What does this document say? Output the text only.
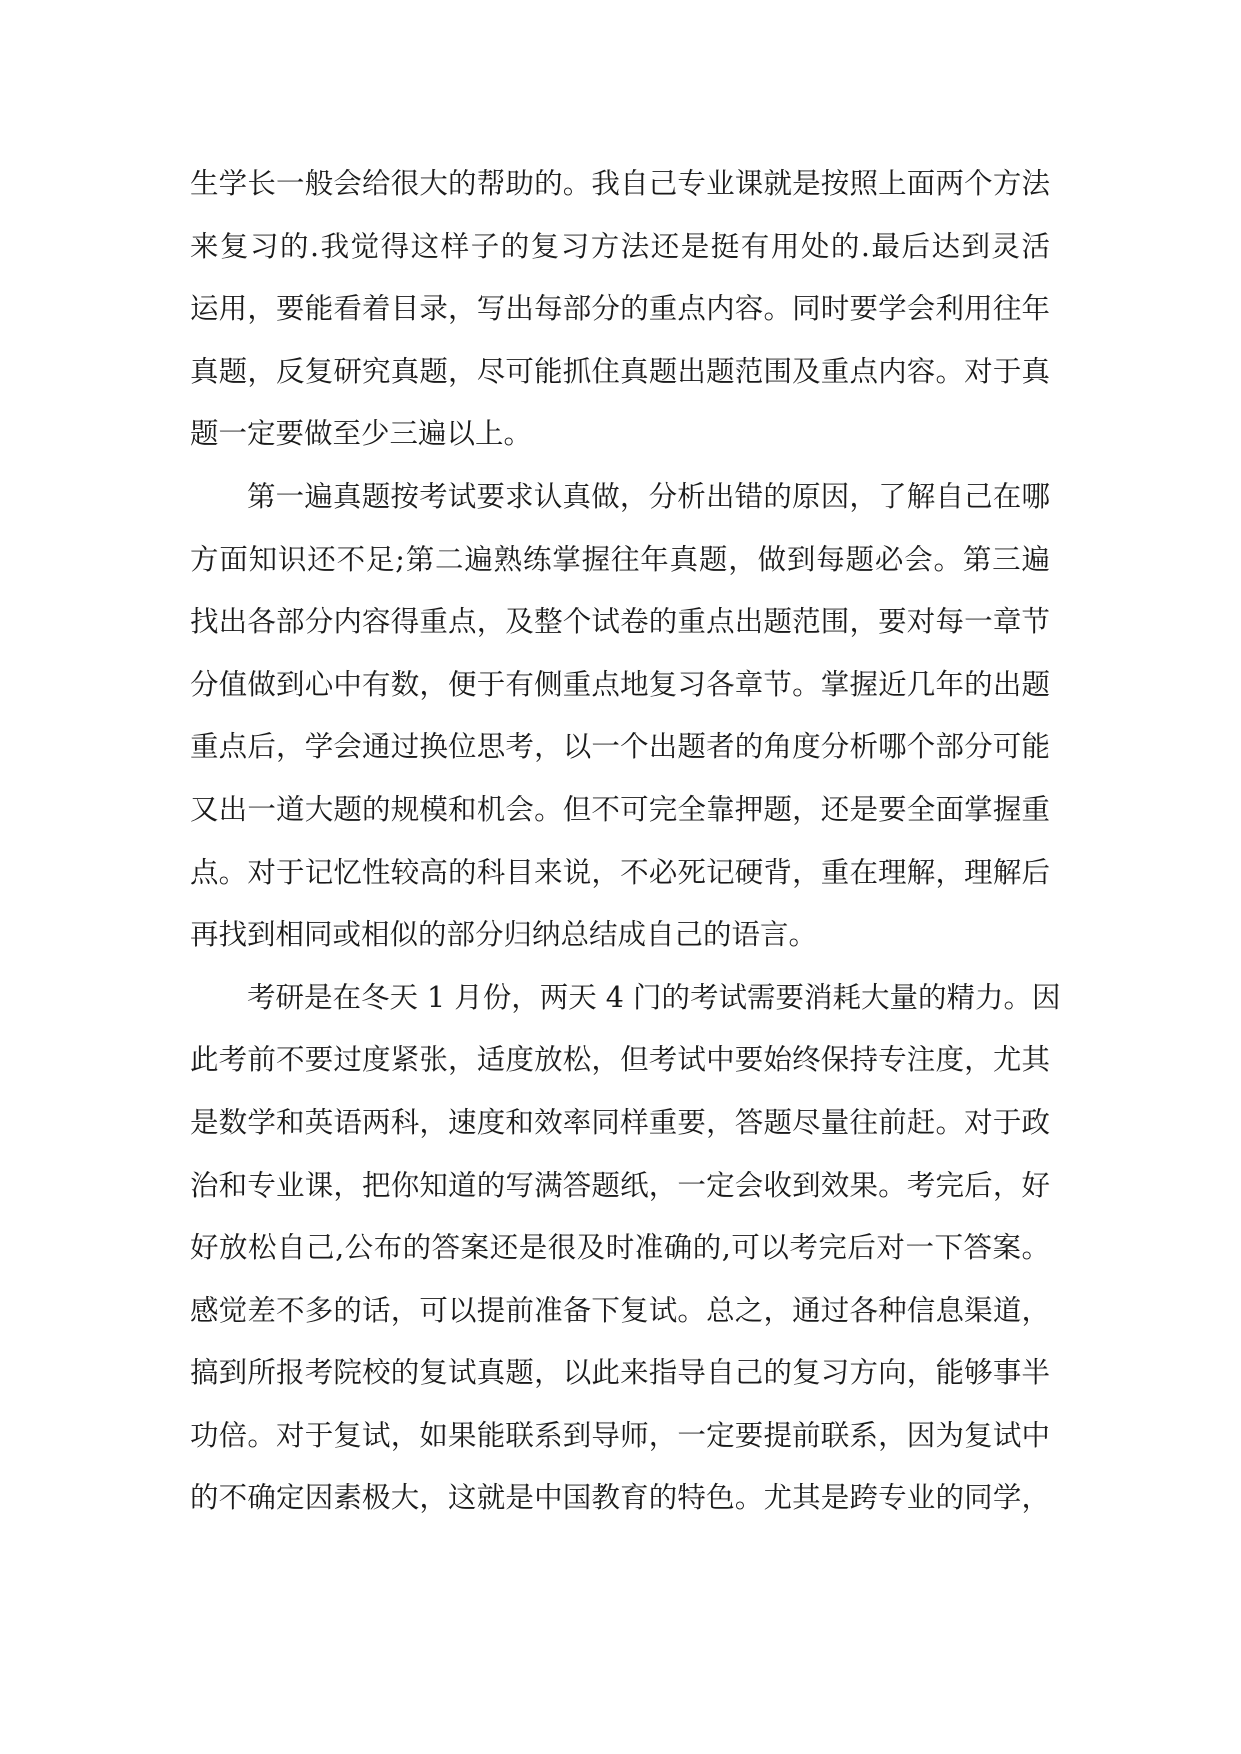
生学长一般会给很大的帮助的。我自己专业课就是按照上面两个方法
来复习的.我觉得这样子的复习方法还是挺有用处的.最后达到灵活
运用，要能看着目录，写出每部分的重点内容。同时要学会利用往年
真题，反复研究真题，尽可能抓住真题出题范围及重点内容。对于真
题一定要做至少三遍以上。
第一遍真题按考试要求认真做，分析出错的原因，了解自己在哪
方面知识还不足;第二遍熟练掌握往年真题，做到每题必会。第三遍
找出各部分内容得重点，及整个试卷的重点出题范围，要对每一章节
分值做到心中有数，便于有侧重点地复习各章节。掌握近几年的出题
重点后，学会通过换位思考，以一个出题者的角度分析哪个部分可能
又出一道大题的规模和机会。但不可完全靠押题，还是要全面掌握重
点。对于记忆性较高的科目来说，不必死记硬背，重在理解，理解后
再找到相同或相似的部分归纳总结成自己的语言。
考研是在冬天 1 月份，两天 4 门的考试需要消耗大量的精力。因
此考前不要过度紧张，适度放松，但考试中要始终保持专注度，尤其
是数学和英语两科，速度和效率同样重要，答题尽量往前赶。对于政
治和专业课，把你知道的写满答题纸，一定会收到效果。考完后，好
好放松自己,公布的答案还是很及时准确的,可以考完后对一下答案。
感觉差不多的话，可以提前准备下复试。总之，通过各种信息渠道，
搞到所报考院校的复试真题，以此来指导自己的复习方向，能够事半
功倍。对于复试，如果能联系到导师，一定要提前联系，因为复试中
的不确定因素极大，这就是中国教育的特色。尤其是跨专业的同学，
